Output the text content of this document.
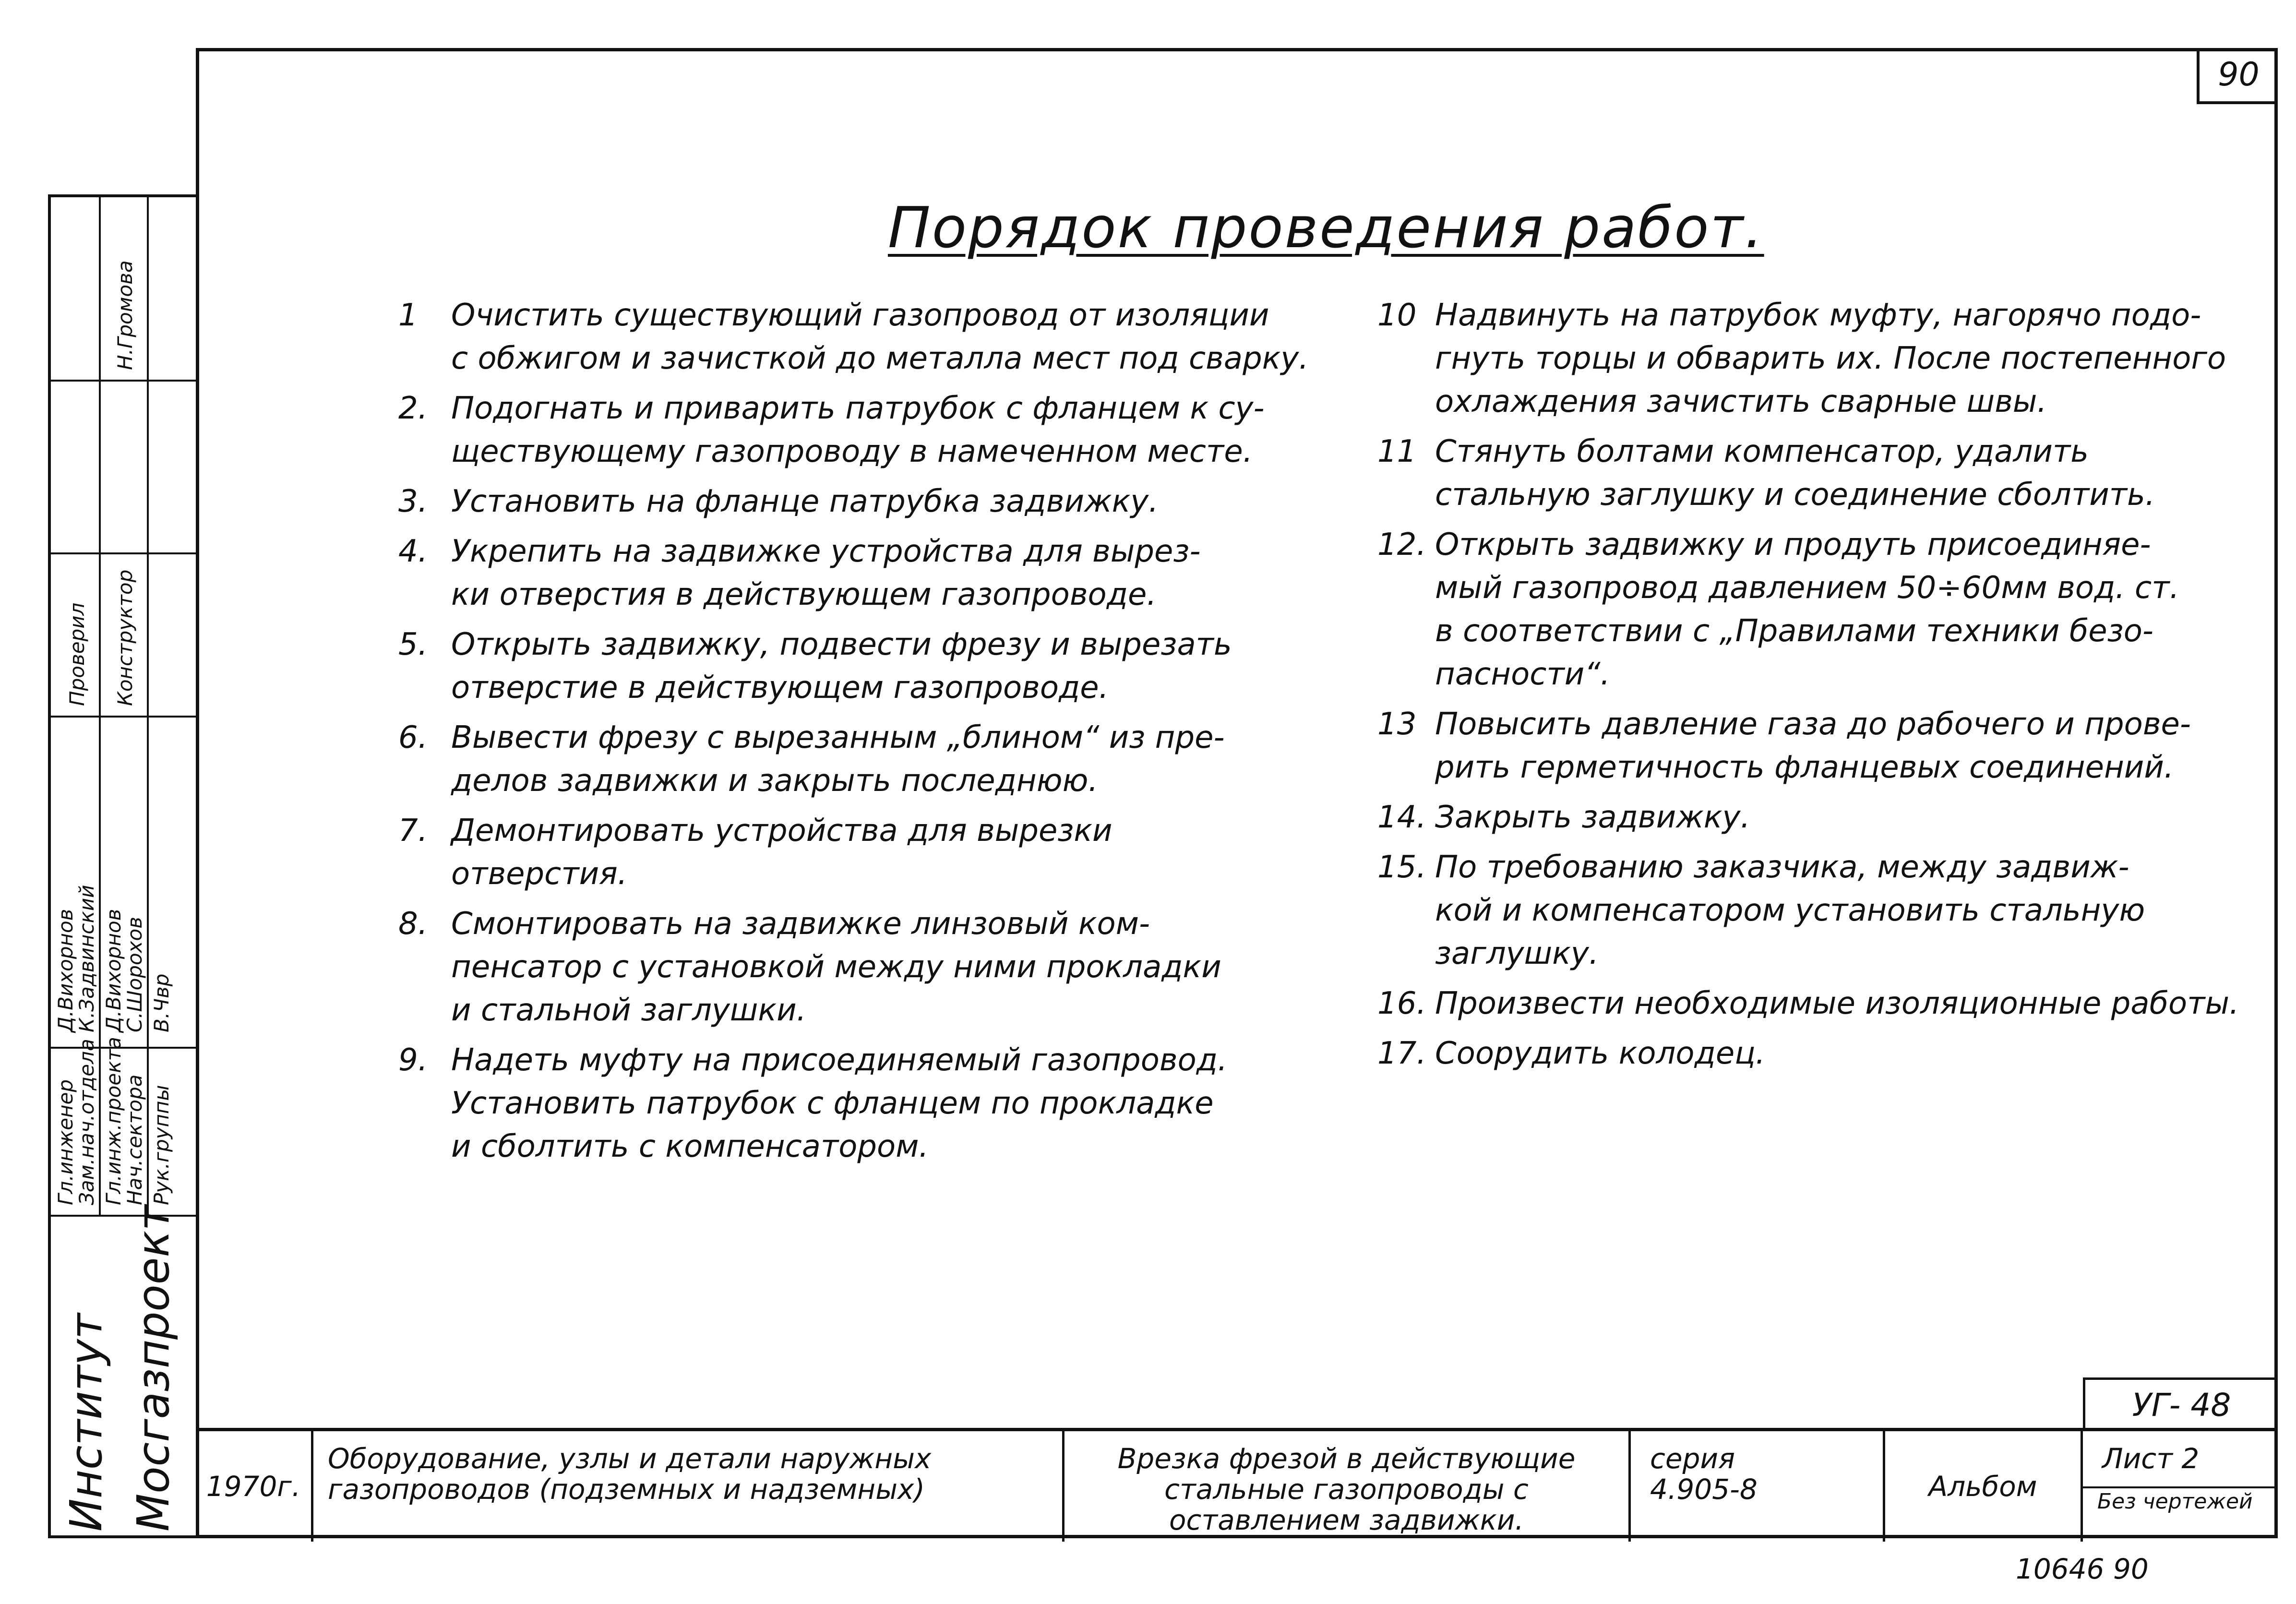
90
Порядок проведения работ.
1	Очистить существующий газопровод от изоляции
с обжигом и зачисткой до металла мест под сварку.
2. Подогнать и приварить патрубок с фланцем к су-
ществующему газопроводу в намеченном месте.
3. Установить на фланце патрубка задвижку.
4. Укрепить на задвижке устройства для вырез-
ки отверстия в действующем газопроводе.
5. Открыть задвижку, подвести фрезу и вырезать
отверстие в действующем газопроводе.
6. Вывести фрезу с вырезанным „блином“ из пре-
делов задвижки и закрыть последнюю.
7. Демонтировать устройства для вырезки
отверстия.
8. Смонтировать на задвижке линзовый ком-
пенсатор с установкой между ними прокладки
и стальной заглушки.
9. Надеть муфту на присоединяемый газопровод.
Установить патрубок с фланцем по прокладке
и сболтить с компенсатором.
10 Надвинуть на патрубок муфту, нагорячо подо-
гнуть торцы и обварить их. После постепенного
охлаждения зачистить сварные швы.
11 Стянуть болтами компенсатор, удалить
стальную заглушку и соединение сболтить.
12. Открыть задвижку и продуть присоединяе-
мый газопровод давлением 50÷60мм вод. ст.
в соответствии с „Правилами техники безо-
пасности“.
13 Повысить давление газа до рабочего и прове-
рить герметичность фланцевых соединений.
14. Закрыть задвижку.
15. По требованию заказчика, между задвиж-
кой и компенсатором установить стальную
заглушку.
16. Произвести необходимые изоляционные работы.
17. Соорудить колодец.
Гл.инженер
Зам.нач.отдела Гл.инж.проекта
Нач.сектора Рук.группы
Д.Вихорнов
К.Задвинский Д.Вихорнов
С.Шорохов В.Чвр
Проверил Конструктор
Н.Громова
Институт Мосгазпроект	УГ- 48
1970г.
Оборудование, узлы и детали наружных газопроводов (подземных и надземных)
Врезка фрезой в действующие стальные газопроводы с оставлением задвижки.
серия
4.905-8	Альбом
Лист 2
Без чертежей
10646 90
